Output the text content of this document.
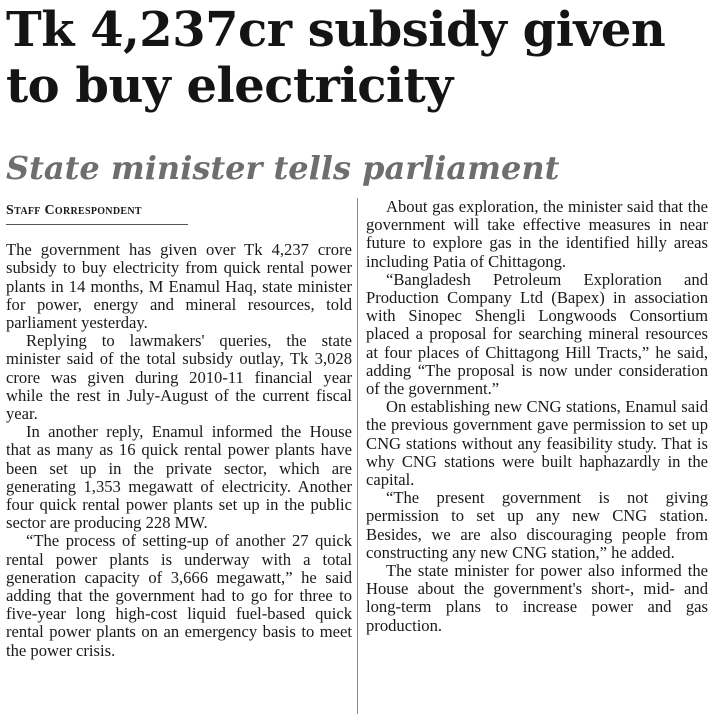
Tk 4,237cr subsidy given to buy electricity
State minister tells parliament
Staff Correspondent

The government has given over Tk 4,237 crore subsidy to buy electricity from quick rental power plants in 14 months, M Enamul Haq, state minister for power, energy and mineral resources, told parliament yesterday.

Replying to lawmakers' queries, the state minister said of the total subsidy outlay, Tk 3,028 crore was given during 2010-11 financial year while the rest in July-August of the current fiscal year.

In another reply, Enamul informed the House that as many as 16 quick rental power plants have been set up in the private sector, which are generating 1,353 megawatt of electricity. Another four quick rental power plants set up in the public sector are producing 228 MW.

“The process of setting-up of another 27 quick rental power plants is underway with a total generation capacity of 3,666 megawatt,” he said adding that the government had to go for three to five-year long high-cost liquid fuel-based quick rental power plants on an emergency basis to meet the power crisis.

About gas exploration, the minister said that the government will take effective measures in near future to explore gas in the identified hilly areas including Patia of Chittagong.

“Bangladesh Petroleum Exploration and Production Company Ltd (Bapex) in association with Sinopec Shengli Longwoods Consortium placed a proposal for searching mineral resources at four places of Chittagong Hill Tracts,” he said, adding “The proposal is now under consideration of the government.”

On establishing new CNG stations, Enamul said the previous government gave permission to set up CNG stations without any feasibility study. That is why CNG stations were built haphazardly in the capital.

“The present government is not giving permission to set up any new CNG station. Besides, we are also discouraging people from constructing any new CNG station,” he added.

The state minister for power also informed the House about the government's short-, mid- and long-term plans to increase power and gas production.
